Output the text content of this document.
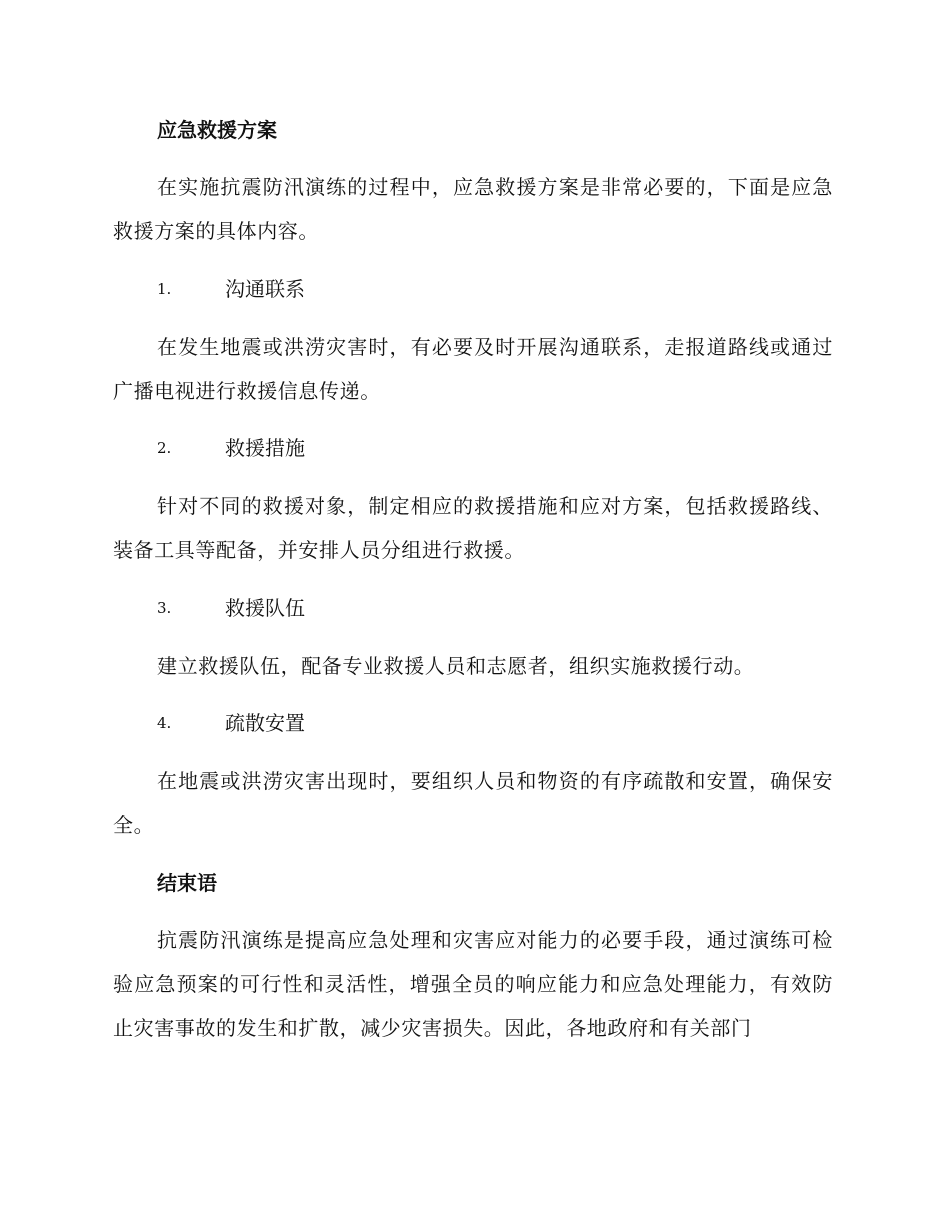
应急救援方案
在实施抗震防汛演练的过程中，应急救援方案是非常必要的，下面是应急救援方案的具体内容。
1.	沟通联系
在发生地震或洪涝灾害时，有必要及时开展沟通联系，走报道路线或通过广播电视进行救援信息传递。
2.	救援措施
针对不同的救援对象，制定相应的救援措施和应对方案，包括救援路线、装备工具等配备，并安排人员分组进行救援。
3.	救援队伍
建立救援队伍，配备专业救援人员和志愿者，组织实施救援行动。
4.	疏散安置
在地震或洪涝灾害出现时，要组织人员和物资的有序疏散和安置，确保安全。
结束语
抗震防汛演练是提高应急处理和灾害应对能力的必要手段，通过演练可检验应急预案的可行性和灵活性，增强全员的响应能力和应急处理能力，有效防止灾害事故的发生和扩散，减少灾害损失。因此，各地政府和有关部门
